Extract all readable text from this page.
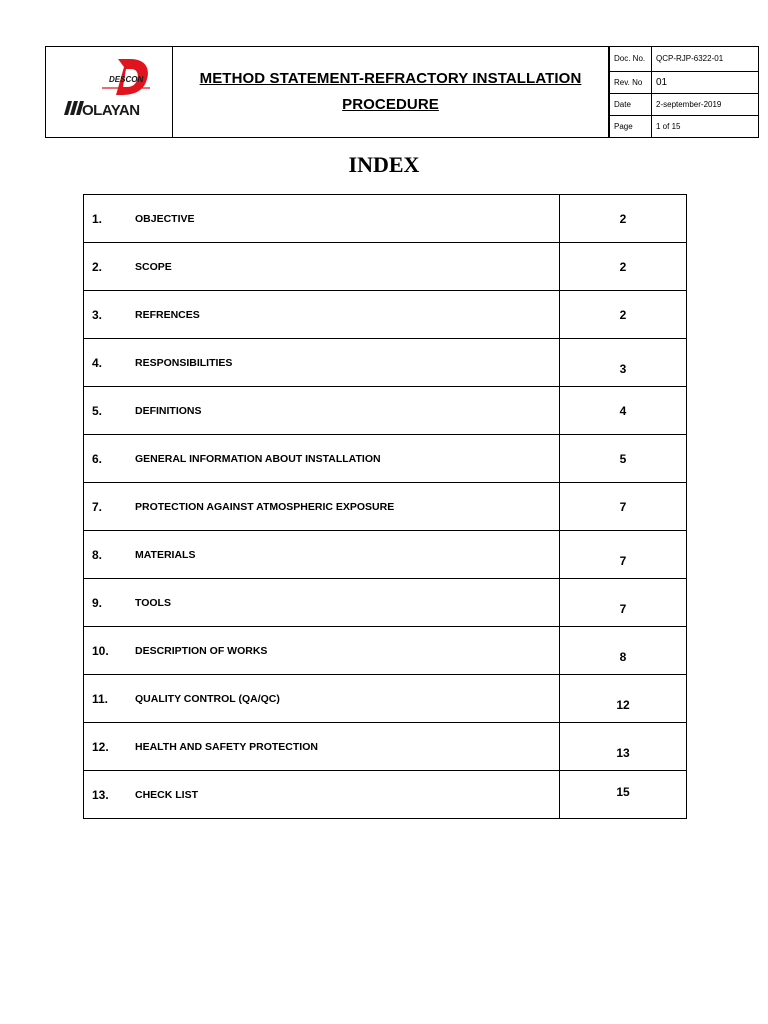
DESCON
OLAYAN
METHOD STATEMENT-REFRACTORY INSTALLATION
PROCEDURE
Doc. No.	QCP-RJP-6322-01
Rev. No	01
Date	2-september-2019
Page	1 of 15
INDEX
1. OBJECTIVE	2

2. SCOPE	2

3. REFRENCES	2

4. RESPONSIBILITIES	3

5. DEFINITIONS	4

6. GENERAL INFORMATION ABOUT INSTALLATION	5

7. PROTECTION AGAINST ATMOSPHERIC EXPOSURE	7

8. MATERIALS	7

9. TOOLS	7

10. DESCRIPTION OF WORKS	8

11. QUALITY CONTROL (QA/QC)	12

12. HEALTH AND SAFETY PROTECTION	13

13. CHECK LIST	15
